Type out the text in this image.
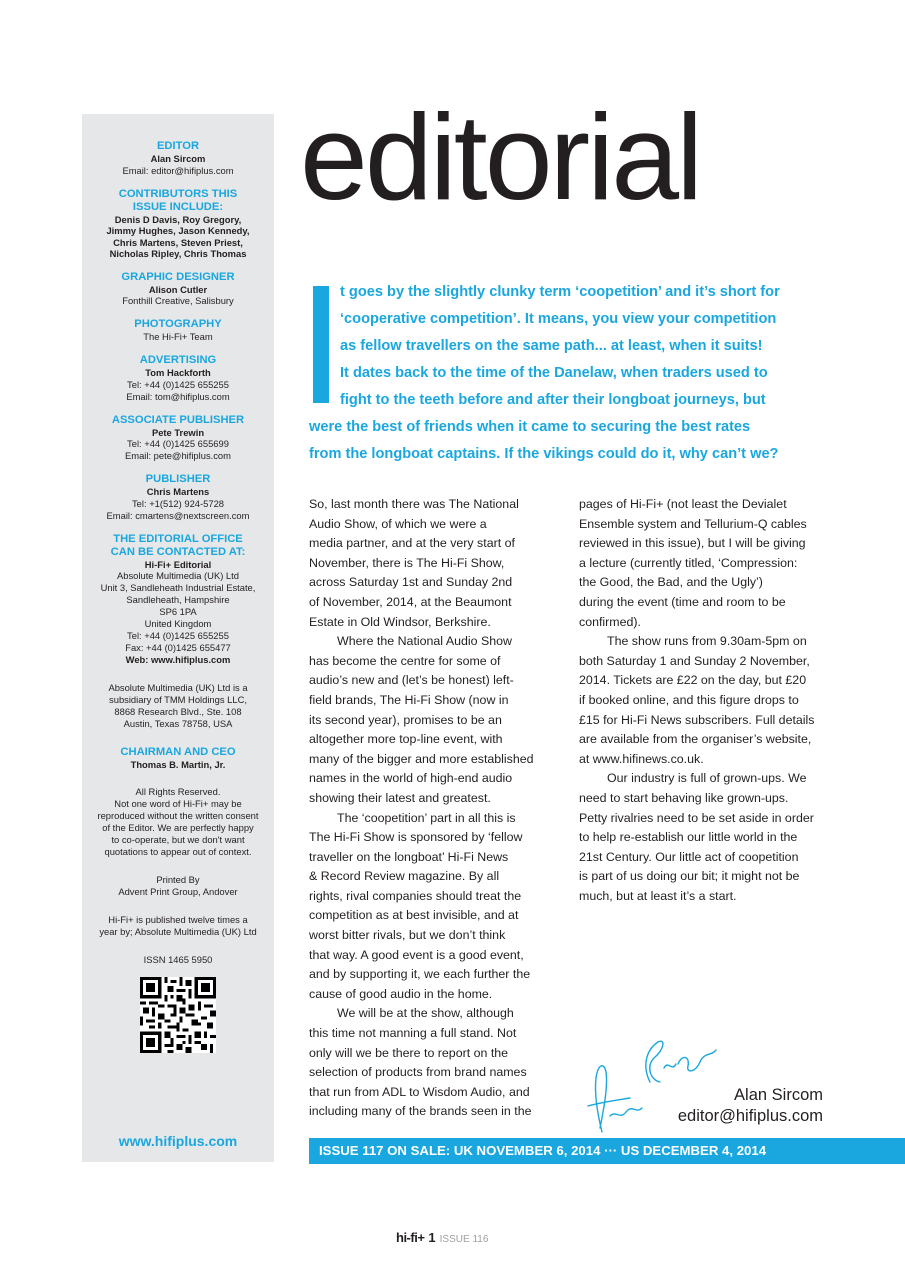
EDITOR
Alan Sircom
Email: editor@hifiplus.com
CONTRIBUTORS THIS
ISSUE INCLUDE:
Denis D Davis, Roy Gregory,
Jimmy Hughes, Jason Kennedy,
Chris Martens, Steven Priest,
Nicholas Ripley, Chris Thomas
GRAPHIC DESIGNER
Alison Cutler
Fonthill Creative, Salisbury
PHOTOGRAPHY
The Hi-Fi+ Team
ADVERTISING
Tom Hackforth
Tel: +44 (0)1425 655255
Email: tom@hifiplus.com
ASSOCIATE PUBLISHER
Pete Trewin
Tel: +44 (0)1425 655699
Email: pete@hifiplus.com
PUBLISHER
Chris Martens
Tel: +1(512) 924-5728
Email: cmartens@nextscreen.com
THE EDITORIAL OFFICE
CAN BE CONTACTED AT:
Hi-Fi+ Editorial
Absolute Multimedia (UK) Ltd
Unit 3, Sandleheath Industrial Estate,
Sandleheath, Hampshire
SP6 1PA
United Kingdom
Tel: +44 (0)1425 655255
Fax: +44 (0)1425 655477
Web: www.hifiplus.com
Absolute Multimedia (UK) Ltd is a
subsidiary of TMM Holdings LLC,
8868 Research Blvd., Ste. 108
Austin, Texas 78758, USA
CHAIRMAN AND CEO
Thomas B. Martin, Jr.
All Rights Reserved.
Not one word of Hi-Fi+ may be
reproduced without the written consent
of the Editor. We are perfectly happy
to co-operate, but we don't want
quotations to appear out of context.
Printed By
Advent Print Group, Andover
Hi-Fi+ is published twelve times a
year by; Absolute Multimedia (UK) Ltd
ISSN 1465 5950
www.hifiplus.com
editorial
t goes by the slightly clunky term ‘coopetition’ and it’s short for
‘cooperative competition’. It means, you view your competition
as fellow travellers on the same path... at least, when it suits!
It dates back to the time of the Danelaw, when traders used to
fight to the teeth before and after their longboat journeys, but
were the best of friends when it came to securing the best rates
from the longboat captains. If the vikings could do it, why can’t we?
So, last month there was The National
Audio Show, of which we were a
media partner, and at the very start of
November, there is The Hi-Fi Show,
across Saturday 1st and Sunday 2nd
of November, 2014, at the Beaumont
Estate in Old Windsor, Berkshire.
Where the National Audio Show
has become the centre for some of
audio’s new and (let’s be honest) left-
field brands, The Hi-Fi Show (now in
its second year), promises to be an
altogether more top-line event, with
many of the bigger and more established
names in the world of high-end audio
showing their latest and greatest.
The ‘coopetition’ part in all this is
The Hi-Fi Show is sponsored by ‘fellow
traveller on the longboat’ Hi-Fi News
& Record Review magazine. By all
rights, rival companies should treat the
competition as at best invisible, and at
worst bitter rivals, but we don’t think
that way. A good event is a good event,
and by supporting it, we each further the
cause of good audio in the home.
We will be at the show, although
this time not manning a full stand. Not
only will we be there to report on the
selection of products from brand names
that run from ADL to Wisdom Audio, and
including many of the brands seen in the
pages of Hi-Fi+ (not least the Devialet
Ensemble system and Tellurium-Q cables
reviewed in this issue), but I will be giving
a lecture (currently titled, ‘Compression:
the Good, the Bad, and the Ugly’)
during the event (time and room to be
confirmed).
The show runs from 9.30am-5pm on
both Saturday 1 and Sunday 2 November,
2014. Tickets are £22 on the day, but £20
if booked online, and this figure drops to
£15 for Hi-Fi News subscribers. Full details
are available from the organiser’s website,
at www.hifinews.co.uk.
Our industry is full of grown-ups. We
need to start behaving like grown-ups.
Petty rivalries need to be set aside in order
to help re-establish our little world in the
21st Century. Our little act of coopetition
is part of us doing our bit; it might not be
much, but at least it’s a start.
Alan Sircom
editor@hifiplus.com
ISSUE 117 ON SALE: UK NOVEMBER 6, 2014 ··· US DECEMBER 4, 2014
hi-fi+ 1 ISSUE 116
